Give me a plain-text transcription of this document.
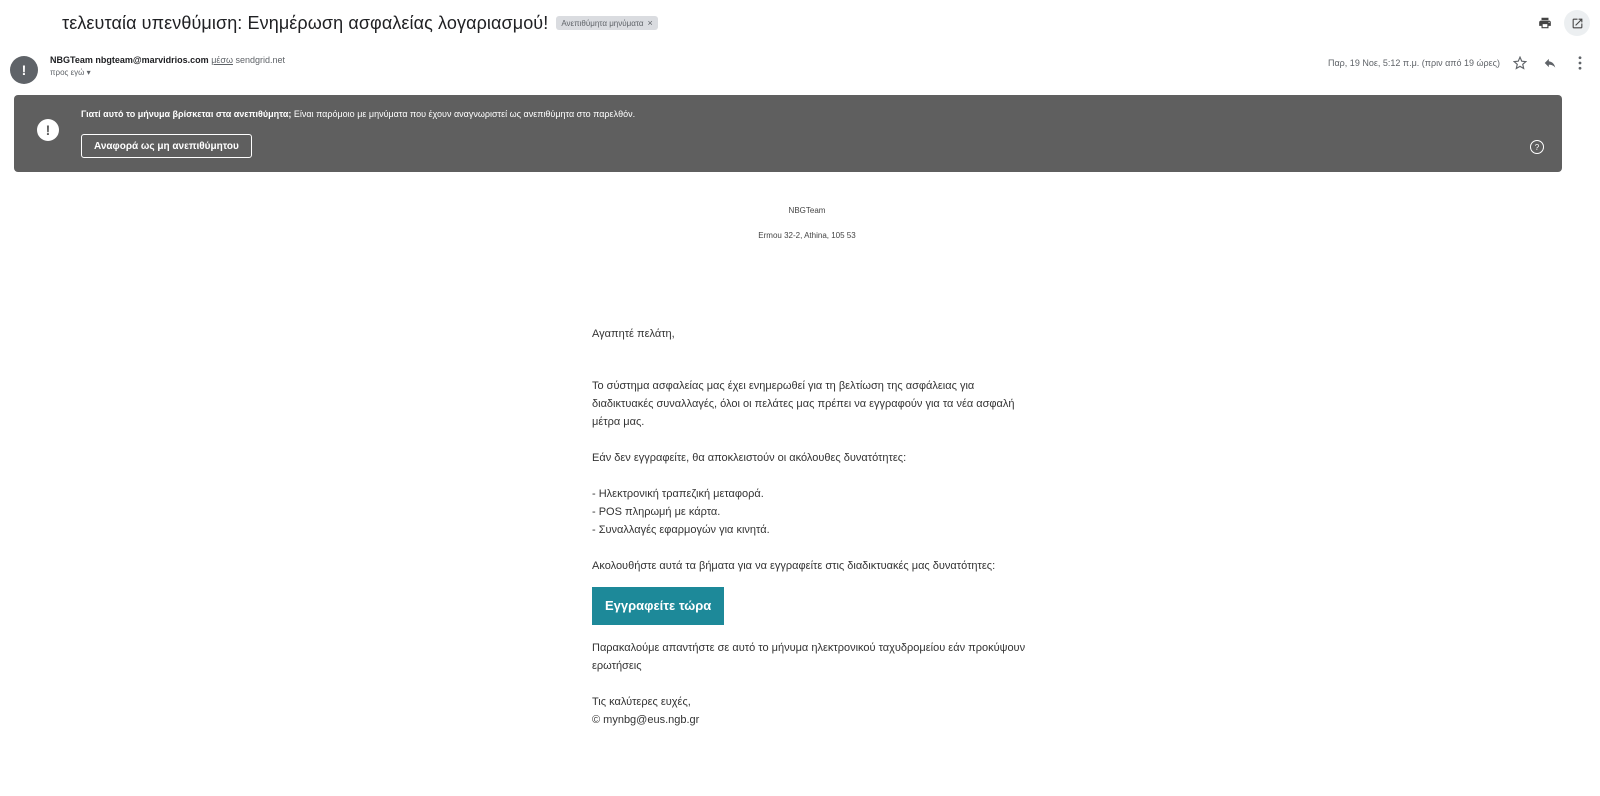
τελευταία υπενθύμιση: Ενημέρωση ασφαλείας λογαριασμού! Ανεπιθύμητα μηνύματα ×
!
NBGTeam nbgteam@marvidrios.com μέσω sendgrid.net
προς εγώ ▾
Παρ, 19 Νοε, 5:12 π.μ. (πριν από 19 ώρες)
!
Γιατί αυτό το μήνυμα βρίσκεται στα ανεπιθύμητα; Είναι παρόμοιο με μηνύματα που έχουν αναγνωριστεί ως ανεπιθύμητα στο παρελθόν.
Αναφορά ως μη ανεπιθύμητου	?
NBGTeam
Ermou 32-2, Athina, 105 53

Αγαπητέ πελάτη,

Το σύστημα ασφαλείας μας έχει ενημερωθεί για τη βελτίωση της ασφάλειας για διαδικτυακές συναλλαγές, όλοι οι πελάτες μας πρέπει να εγγραφούν για τα νέα ασφαλή μέτρα μας.

Εάν δεν εγγραφείτε, θα αποκλειστούν οι ακόλουθες δυνατότητες:

- Ηλεκτρονική τραπεζική μεταφορά.

- POS πληρωμή με κάρτα.

- Συναλλαγές εφαρμογών για κινητά.

Ακολουθήστε αυτά τα βήματα για να εγγραφείτε στις διαδικτυακές μας δυνατότητες:

Εγγραφείτε τώρα

Παρακαλούμε απαντήστε σε αυτό το μήνυμα ηλεκτρονικού ταχυδρομείου εάν προκύψουν ερωτήσεις

Τις καλύτερες ευχές,

© mynbg@eus.ngb.gr
